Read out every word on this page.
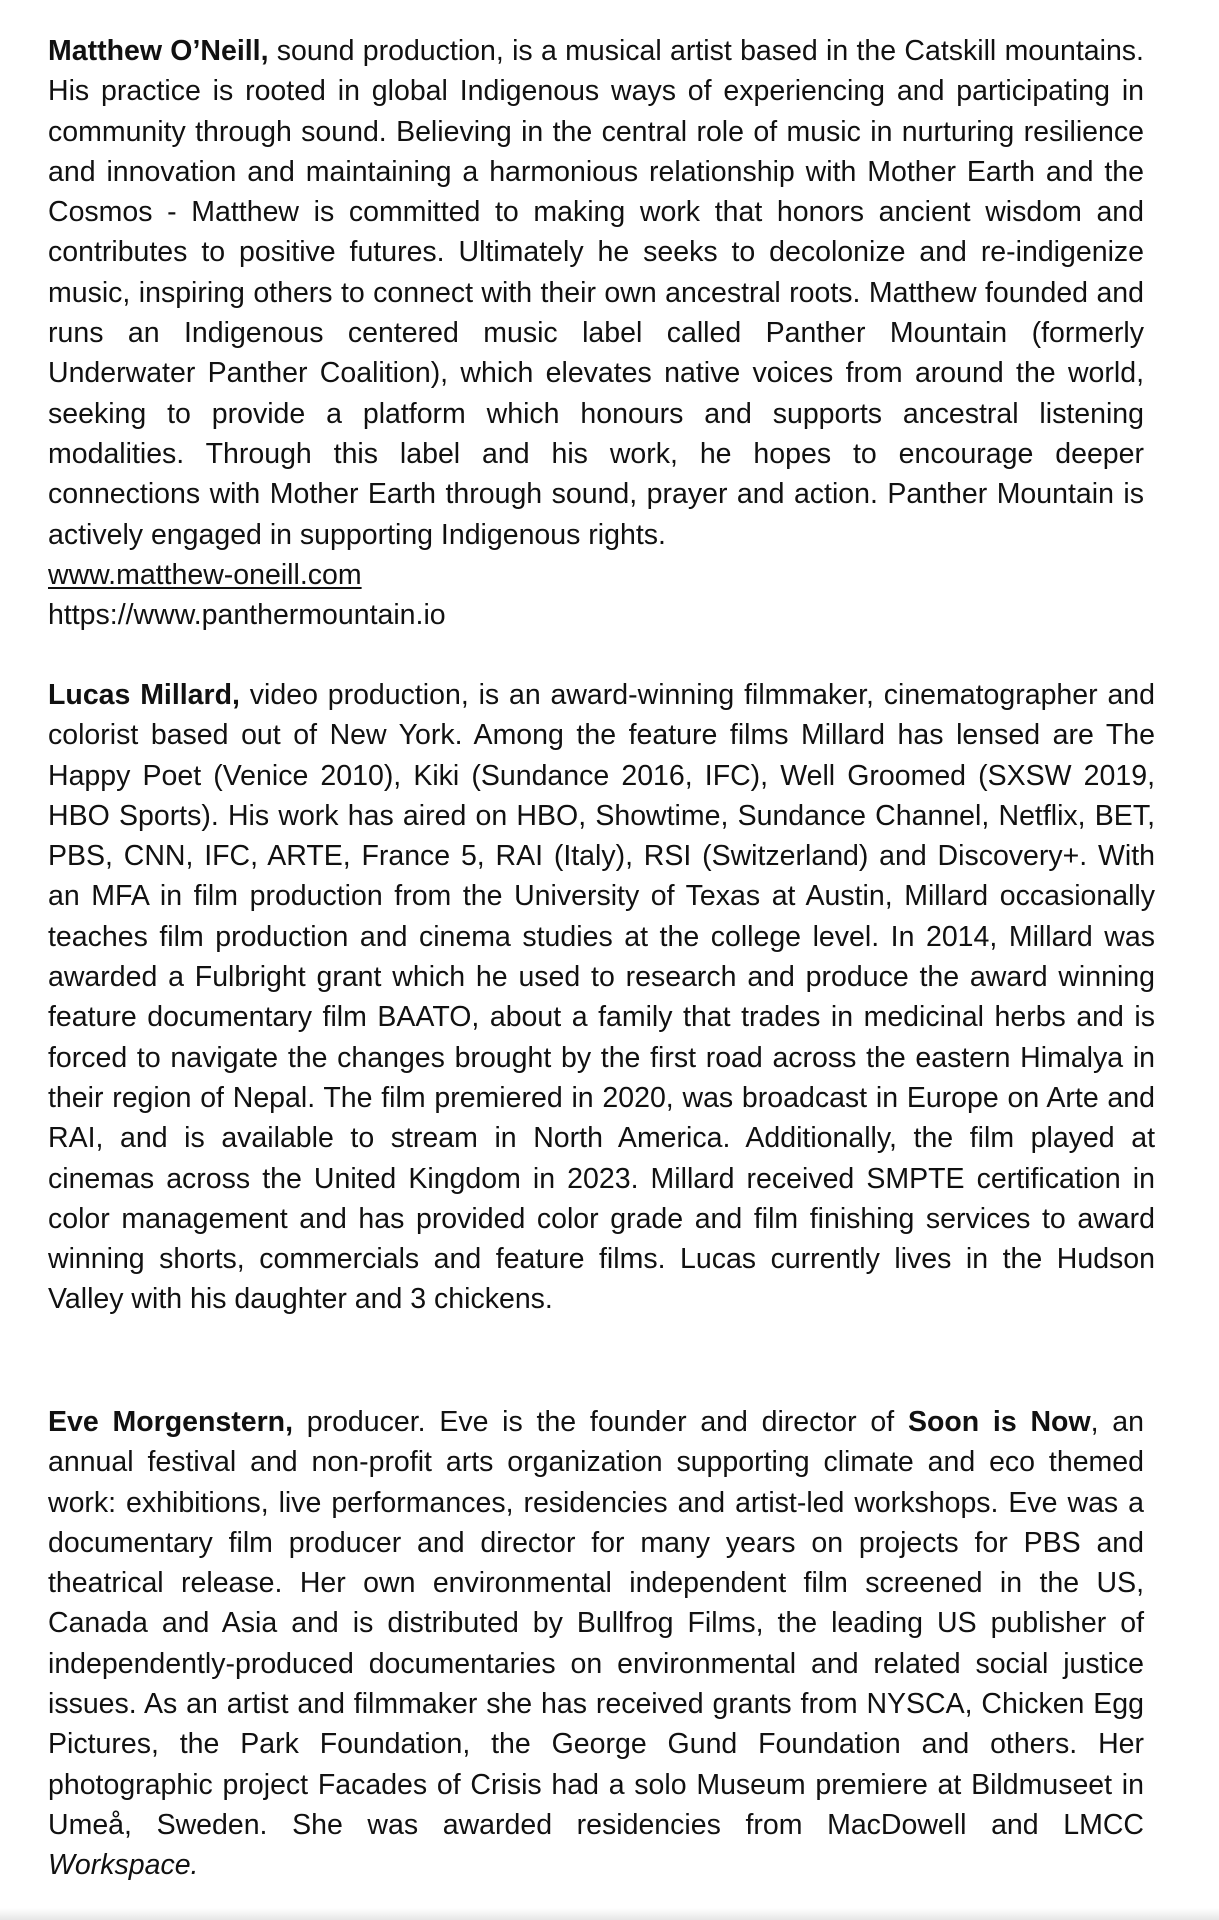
Matthew O’Neill, sound production, is a musical artist based in the Catskill mountains. His practice is rooted in global Indigenous ways of experiencing and participating in community through sound. Believing in the central role of music in nurturing resilience and innovation and maintaining a harmonious relationship with Mother Earth and the Cosmos - Matthew is committed to making work that honors ancient wisdom and contributes to positive futures. Ultimately he seeks to decolonize and re-indigenize music, inspiring others to connect with their own ancestral roots. Matthew founded and runs an Indigenous centered music label called Panther Mountain (formerly Underwater Panther Coalition), which elevates native voices from around the world, seeking to provide a platform which honours and supports ancestral listening modalities. Through this label and his work, he hopes to encourage deeper connections with Mother Earth through sound, prayer and action. Panther Mountain is actively engaged in supporting Indigenous rights.
www.matthew-oneill.com
https://www.panthermountain.io

Lucas Millard, video production, is an award-winning filmmaker, cinematographer and colorist based out of New York. Among the feature films Millard has lensed are The Happy Poet (Venice 2010), Kiki (Sundance 2016, IFC), Well Groomed (SXSW 2019, HBO Sports). His work has aired on HBO, Showtime, Sundance Channel, Netflix, BET, PBS, CNN, IFC, ARTE, France 5, RAI (Italy), RSI (Switzerland) and Discovery+. With an MFA in film production from the University of Texas at Austin, Millard occasionally teaches film production and cinema studies at the college level. In 2014, Millard was awarded a Fulbright grant which he used to research and produce the award winning feature documentary film BAATO, about a family that trades in medicinal herbs and is forced to navigate the changes brought by the first road across the eastern Himalya in their region of Nepal. The film premiered in 2020, was broadcast in Europe on Arte and RAI, and is available to stream in North America. Additionally, the film played at cinemas across the United Kingdom in 2023. Millard received SMPTE certification in color management and has provided color grade and film finishing services to award winning shorts, commercials and feature films. Lucas currently lives in the Hudson Valley with his daughter and 3 chickens.

Eve Morgenstern, producer. Eve is the founder and director of Soon is Now, an annual festival and non-profit arts organization supporting climate and eco themed work: exhibitions, live performances, residencies and artist-led workshops. Eve was a documentary film producer and director for many years on projects for PBS and theatrical release. Her own environmental independent film screened in the US, Canada and Asia and is distributed by Bullfrog Films, the leading US publisher of independently-produced documentaries on environmental and related social justice issues. As an artist and filmmaker she has received grants from NYSCA, Chicken Egg Pictures, the Park Foundation, the George Gund Foundation and others. Her photographic project Facades of Crisis had a solo Museum premiere at Bildmuseet in Umeå, Sweden. She was awarded residencies from MacDowell and LMCC Workspace.
